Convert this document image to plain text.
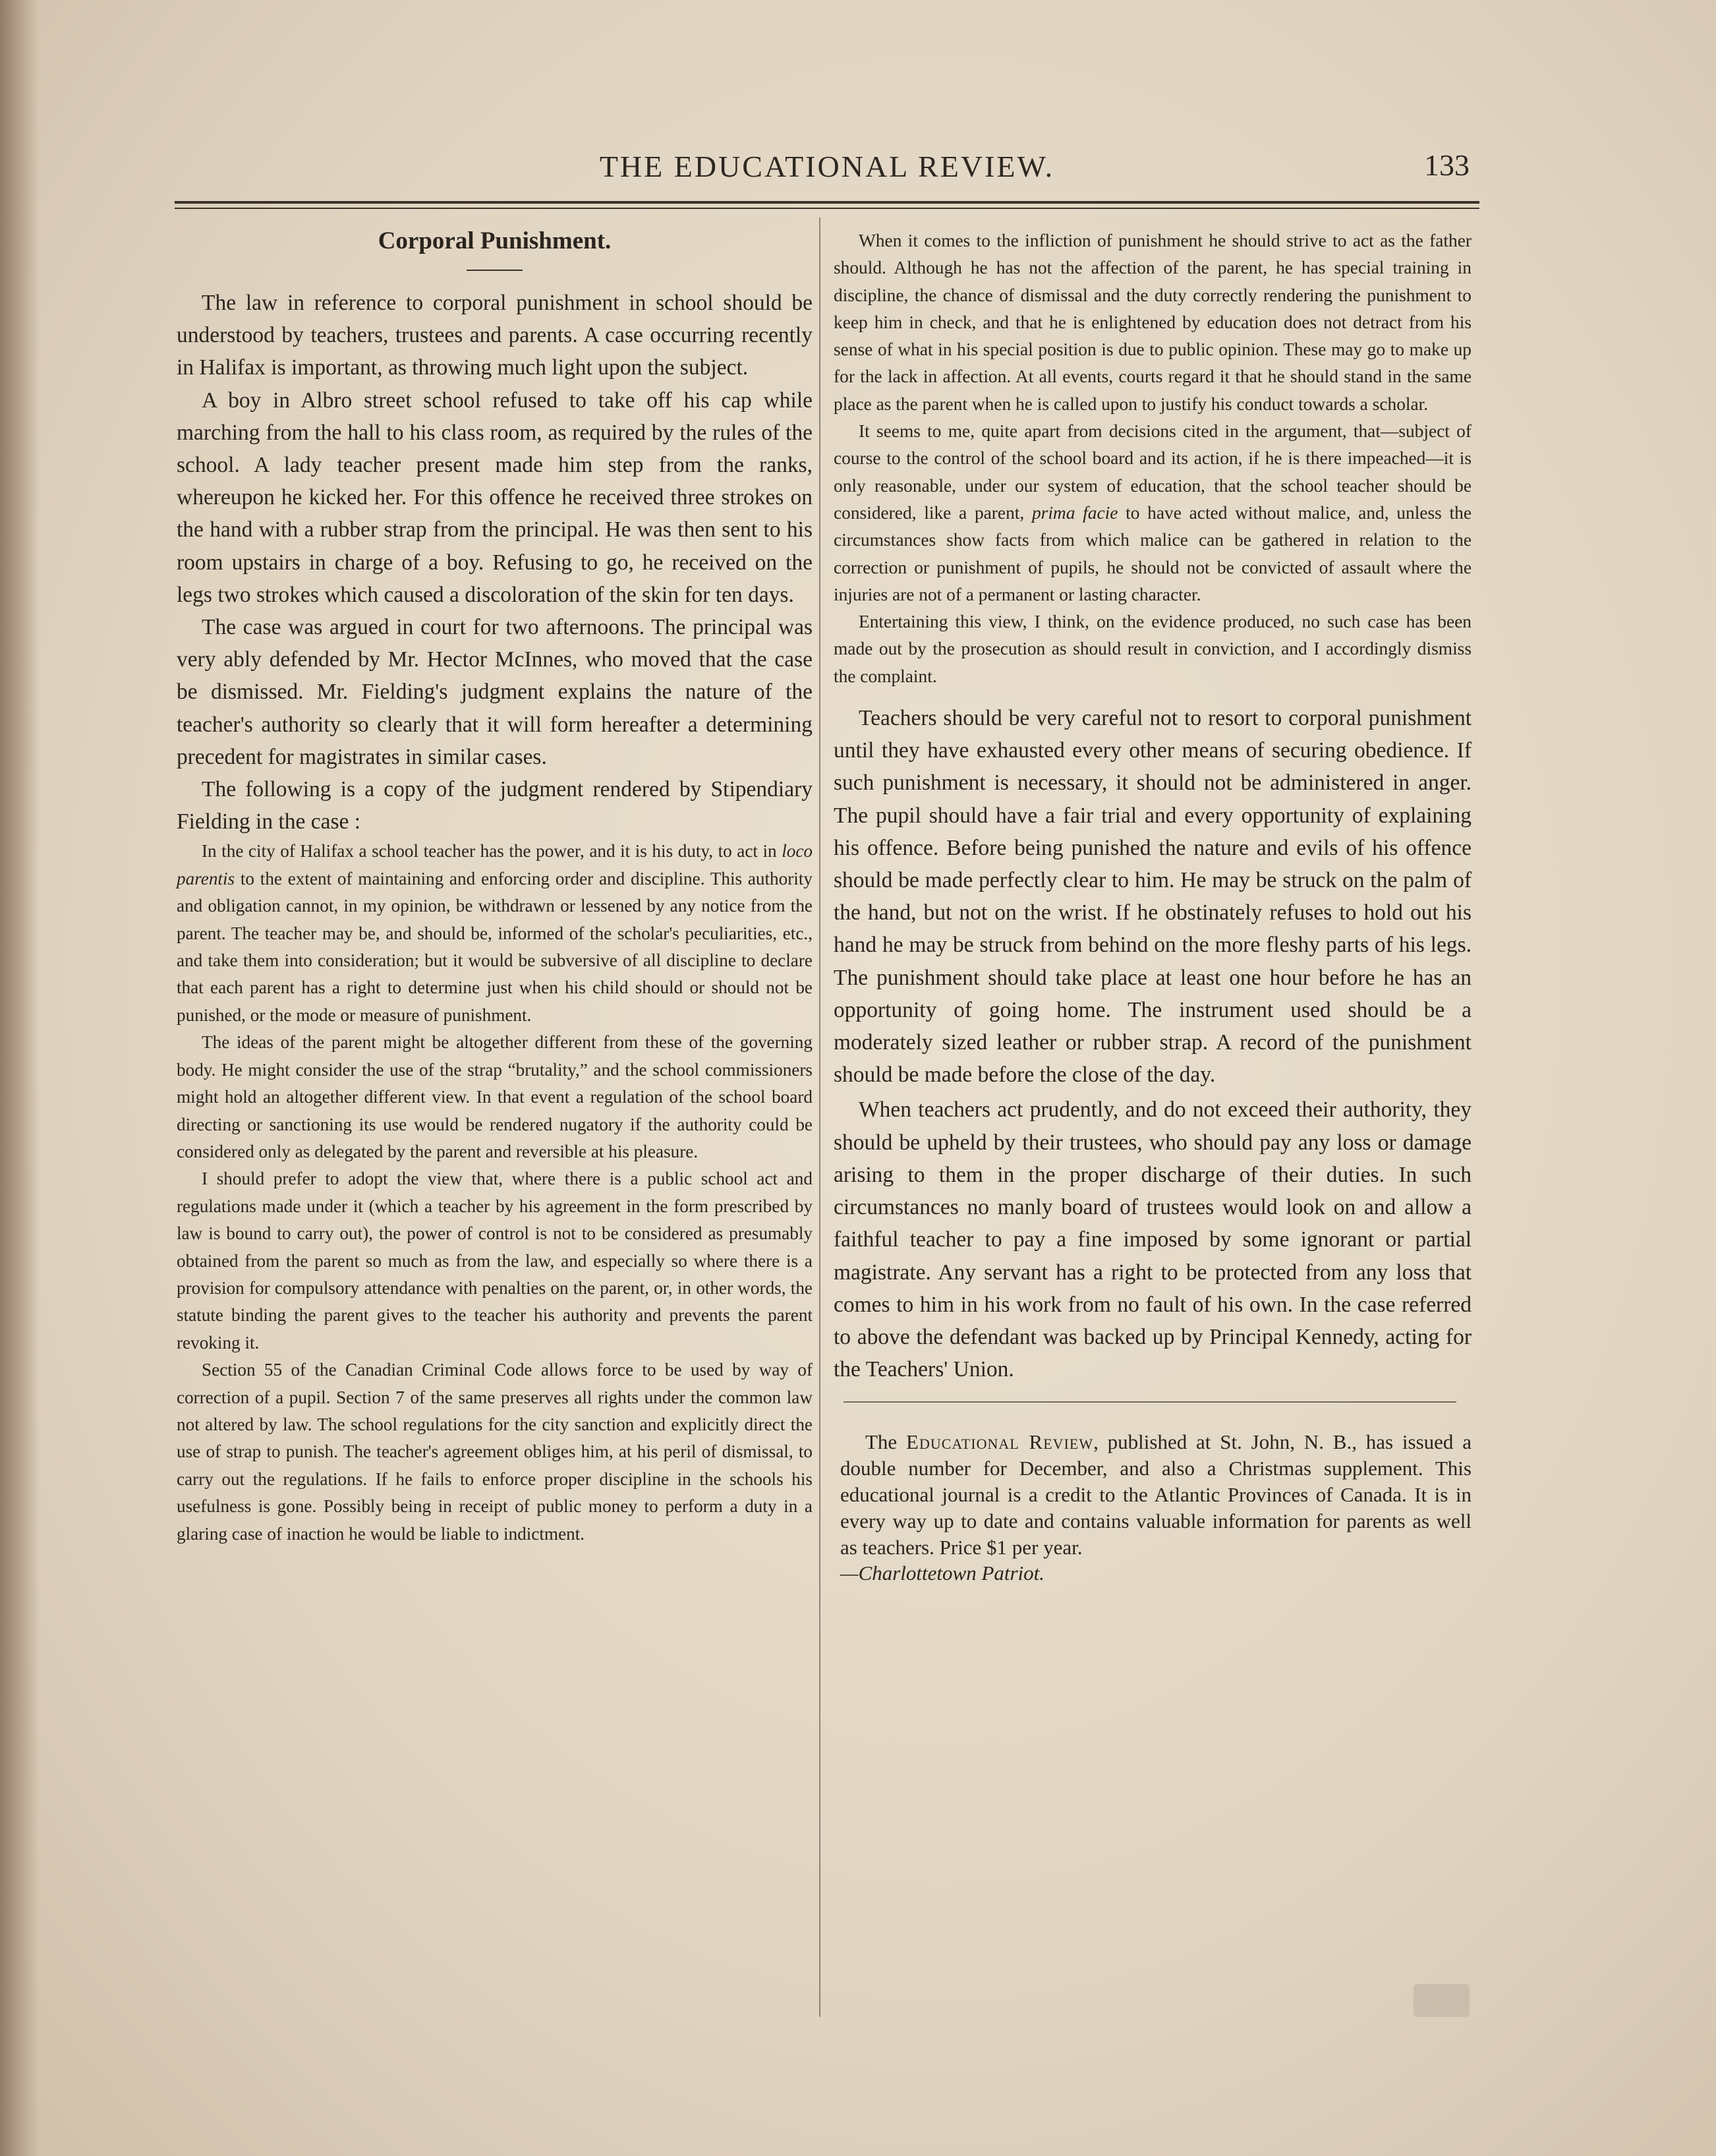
THE EDUCATIONAL REVIEW.	133
Corporal Punishment.

The law in reference to corporal punishment in school should be understood by teachers, trustees and parents. A case occurring recently in Halifax is important, as throwing much light upon the subject.

A boy in Albro street school refused to take off his cap while marching from the hall to his class room, as required by the rules of the school. A lady teacher present made him step from the ranks, whereupon he kicked her. For this offence he received three strokes on the hand with a rubber strap from the principal. He was then sent to his room upstairs in charge of a boy. Refusing to go, he received on the legs two strokes which caused a discoloration of the skin for ten days.

The case was argued in court for two afternoons. The principal was very ably defended by Mr. Hector McInnes, who moved that the case be dismissed. Mr. Fielding's judgment explains the nature of the teacher's authority so clearly that it will form hereafter a determining precedent for magistrates in similar cases.

The following is a copy of the judgment rendered by Stipendiary Fielding in the case :

In the city of Halifax a school teacher has the power, and it is his duty, to act in loco parentis to the extent of maintaining and enforcing order and discipline. This authority and obligation cannot, in my opinion, be withdrawn or lessened by any notice from the parent. The teacher may be, and should be, informed of the scholar's peculiarities, etc., and take them into consideration; but it would be subversive of all discipline to declare that each parent has a right to determine just when his child should or should not be punished, or the mode or measure of punishment.

The ideas of the parent might be altogether different from these of the governing body. He might consider the use of the strap “brutality,” and the school commissioners might hold an altogether different view. In that event a regulation of the school board directing or sanctioning its use would be rendered nugatory if the authority could be considered only as delegated by the parent and reversible at his pleasure.

I should prefer to adopt the view that, where there is a public school act and regulations made under it (which a teacher by his agreement in the form prescribed by law is bound to carry out), the power of control is not to be considered as presumably obtained from the parent so much as from the law, and especially so where there is a provision for compulsory attendance with penalties on the parent, or, in other words, the statute binding the parent gives to the teacher his authority and prevents the parent revoking it.

Section 55 of the Canadian Criminal Code allows force to be used by way of correction of a pupil. Section 7 of the same preserves all rights under the common law not altered by law. The school regulations for the city sanction and explicitly direct the use of strap to punish. The teacher's agreement obliges him, at his peril of dismissal, to carry out the regulations. If he fails to enforce proper discipline in the schools his usefulness is gone. Possibly being in receipt of public money to perform a duty in a glaring case of inaction he would be liable to indictment.

When it comes to the infliction of punishment he should strive to act as the father should. Although he has not the affection of the parent, he has special training in discipline, the chance of dismissal and the duty correctly rendering the punishment to keep him in check, and that he is enlightened by education does not detract from his sense of what in his special position is due to public opinion. These may go to make up for the lack in affection. At all events, courts regard it that he should stand in the same place as the parent when he is called upon to justify his conduct towards a scholar.

It seems to me, quite apart from decisions cited in the argument, that—subject of course to the control of the school board and its action, if he is there impeached—it is only reasonable, under our system of education, that the school teacher should be considered, like a parent, prima facie to have acted without malice, and, unless the circumstances show facts from which malice can be gathered in relation to the correction or punishment of pupils, he should not be convicted of assault where the injuries are not of a permanent or lasting character.

Entertaining this view, I think, on the evidence produced, no such case has been made out by the prosecution as should result in conviction, and I accordingly dismiss the complaint.

Teachers should be very careful not to resort to corporal punishment until they have exhausted every other means of securing obedience. If such punishment is necessary, it should not be administered in anger. The pupil should have a fair trial and every opportunity of explaining his offence. Before being punished the nature and evils of his offence should be made perfectly clear to him. He may be struck on the palm of the hand, but not on the wrist. If he obstinately refuses to hold out his hand he may be struck from behind on the more fleshy parts of his legs. The punishment should take place at least one hour before he has an opportunity of going home. The instrument used should be a moderately sized leather or rubber strap. A record of the punishment should be made before the close of the day.

When teachers act prudently, and do not exceed their authority, they should be upheld by their trustees, who should pay any loss or damage arising to them in the proper discharge of their duties. In such circumstances no manly board of trustees would look on and allow a faithful teacher to pay a fine imposed by some ignorant or partial magistrate. Any servant has a right to be protected from any loss that comes to him in his work from no fault of his own. In the case referred to above the defendant was backed up by Principal Kennedy, acting for the Teachers' Union.

The Educational Review, published at St. John, N. B., has issued a double number for December, and also a Christmas supplement. This educational journal is a credit to the Atlantic Provinces of Canada. It is in every way up to date and contains valuable information for parents as well as teachers. Price $1 per year.

—Charlottetown Patriot.
